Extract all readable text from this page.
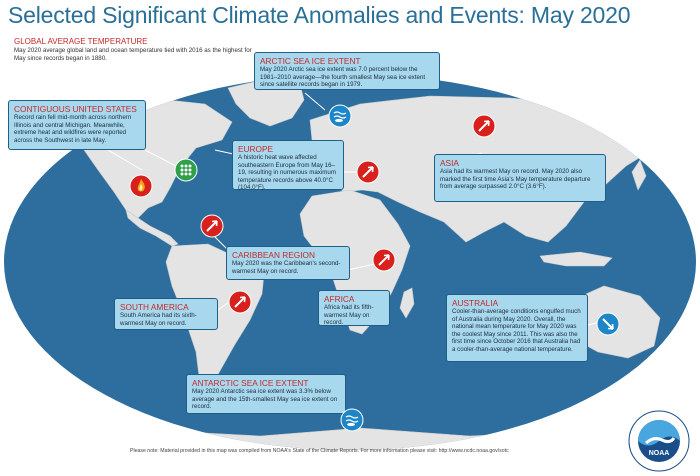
Selected Significant Climate Anomalies and Events: May 2020
GLOBAL AVERAGE TEMPERATURE
May 2020 average global land and ocean temperature tied with 2016 as the highest for May since records began in 1880.	ARCTIC SEA ICE EXTENT
May 2020 Arctic sea ice extent was 7.0 percent below the 1981–2010 average—the fourth smallest May sea ice extent since satellite records began in 1979.
CONTIGUOUS UNITED STATES
Record rain fell mid-month across northern Illinois and central Michigan. Meanwhile, extreme heat and wildfires were reported across the Southwest in late May.
EUROPE
A historic heat wave affected southeastern Europe from May 16–19, resulting in numerous maximum temperature records above 40.0°C (104.0°F).
ASIA
Asia had its warmest May on record. May 2020 also marked the first time Asia's May temperature departure from average surpassed 2.0°C (3.6°F).
CARIBBEAN REGION
May 2020 was the Caribbean's second-warmest May on record.
SOUTH AMERICA
South America had its sixth-warmest May on record.
AFRICA
Africa had its fifth-warmest May on record.
AUSTRALIA
Cooler-than-average conditions engulfed much of Australia during May 2020. Overall, the national mean temperature for May 2020 was the coolest May since 2011. This was also the first time since October 2016 that Australia had a cooler-than-average national temperature.
ANTARCTIC SEA ICE EXTENT
May 2020 Antarctic sea ice extent was 3.3% below average and the 15th-smallest May sea ice extent on record.
Please note: Material provided in this map was compiled from NOAA's State of the Climate Reports. For more information please visit: http://www.ncdc.noaa.gov/sotc	NOAA
